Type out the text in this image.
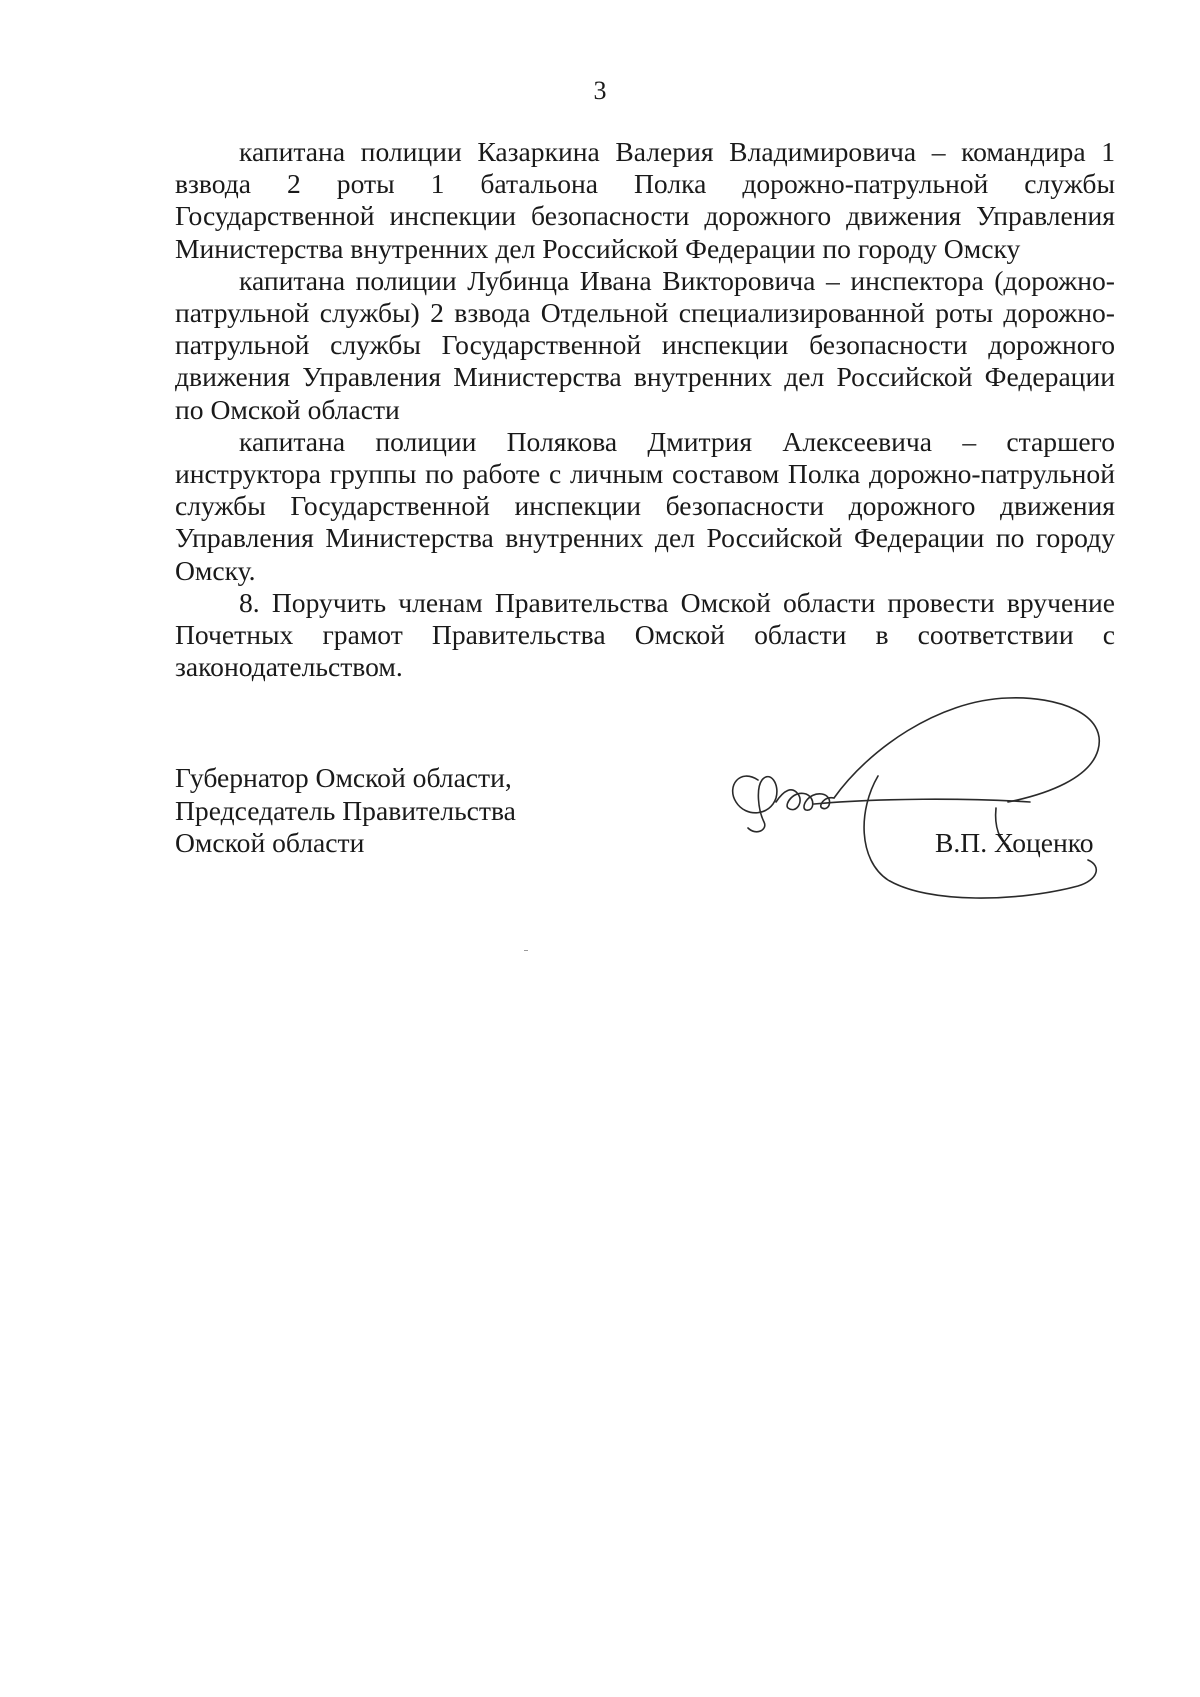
3

капитана полиции Казаркина Валерия Владимировича – командира 1 взвода 2 роты 1 батальона Полка дорожно-патрульной службы Государственной инспекции безопасности дорожного движения Управления Министерства внутренних дел Российской Федерации по городу Омску

капитана полиции Лубинца Ивана Викторовича – инспектора (дорожно-патрульной службы) 2 взвода Отдельной специализированной роты дорожно-патрульной службы Государственной инспекции безопасности дорожного движения Управления Министерства внутренних дел Российской Федерации по Омской области

капитана полиции Полякова Дмитрия Алексеевича – старшего инструктора группы по работе с личным составом Полка дорожно-патрульной службы Государственной инспекции безопасности дорожного движения Управления Министерства внутренних дел Российской Федерации по городу Омску.

8. Поручить членам Правительства Омской области провести вручение Почетных грамот Правительства Омской области в соответствии с законодательством.

Губернатор Омской области,
Председатель Правительства
Омской области	В.П. Хоценко
